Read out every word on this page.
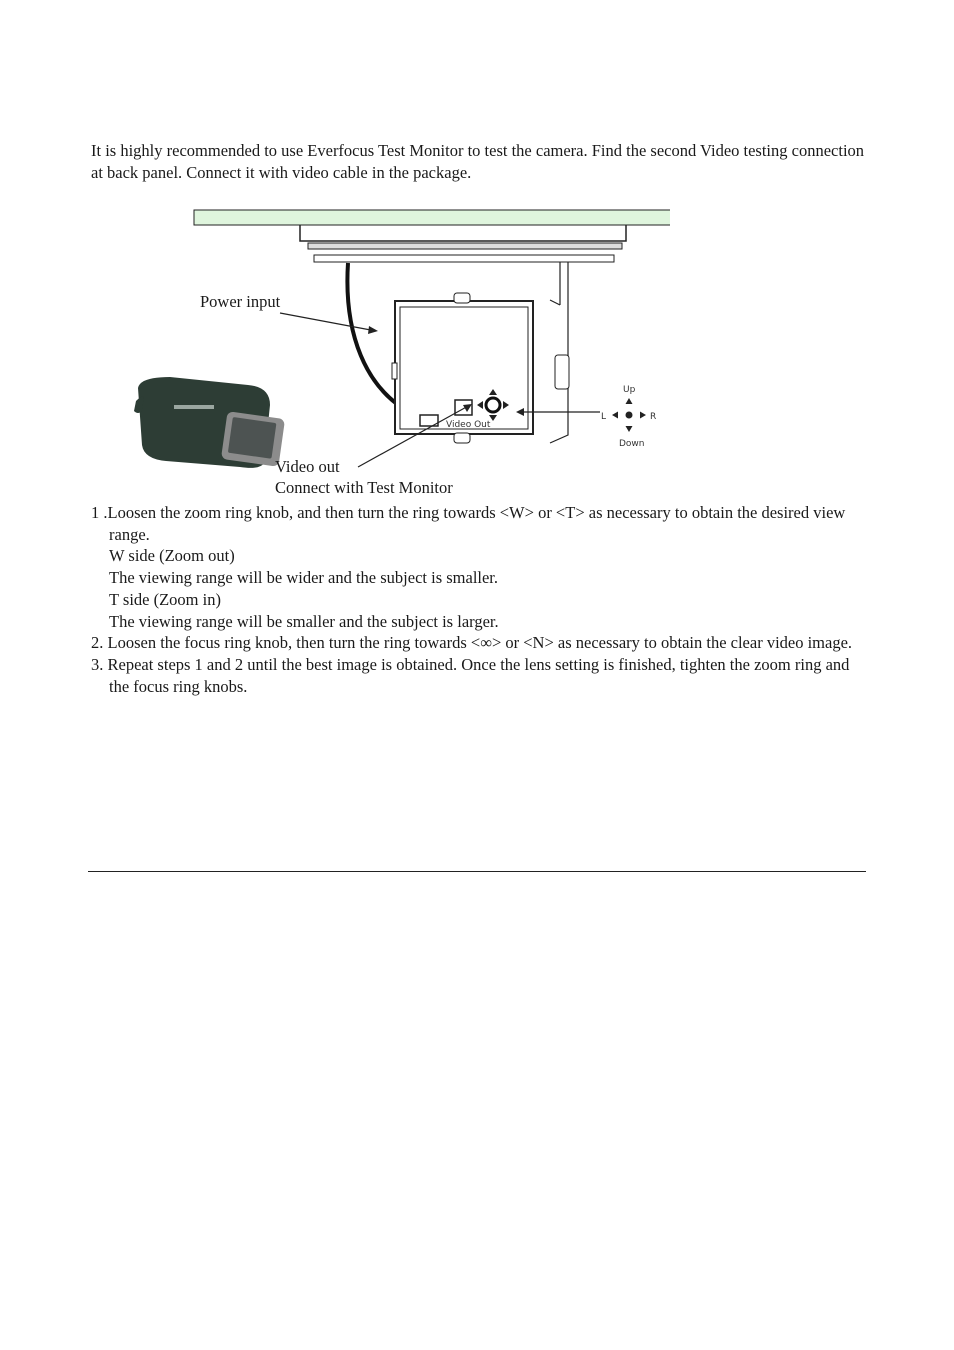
It is highly recommended to use Everfocus Test Monitor to test the camera. Find the second Video testing connection at back panel. Connect it with video cable in the package.

Video Out
Up
Down
L	R
Power input
Video out
Connect with Test Monitor

1 .Loosen the zoom ring knob, and then turn the ring towards <W> or <T> as necessary to obtain the desired view range.

W side (Zoom out)

The viewing range will be wider and the subject is smaller.

T side (Zoom in)

The viewing range will be smaller and the subject is larger.

2. Loosen the focus ring knob, then turn the ring towards <∞> or <N> as necessary to obtain the clear video image.

3. Repeat steps 1 and 2 until the best image is obtained. Once the lens setting is finished, tighten the zoom ring and the focus ring knobs.
